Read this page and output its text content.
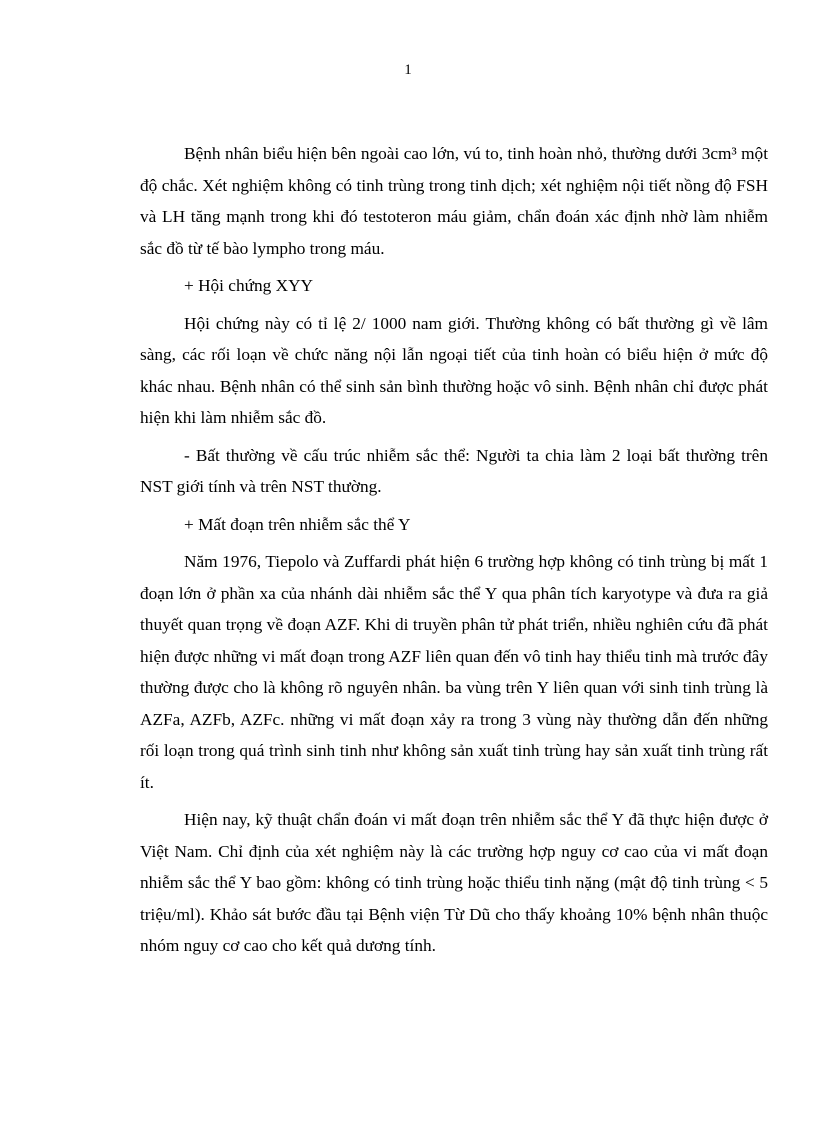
1

Bệnh nhân biểu hiện bên ngoài cao lớn, vú to, tinh hoàn nhỏ, thường dưới 3cm³ một độ chắc. Xét nghiệm không có tinh trùng trong tinh dịch; xét nghiệm nội tiết nồng độ FSH và LH tăng mạnh trong khi đó testoteron máu giảm, chẩn đoán xác định nhờ làm nhiễm sắc đồ từ tế bào lympho trong máu.

+ Hội chứng XYY

Hội chứng này có tỉ lệ 2/ 1000 nam giới. Thường không có bất thường gì về lâm sàng, các rối loạn về chức năng nội lẫn ngoại tiết của tinh hoàn có biểu hiện ở mức độ khác nhau. Bệnh nhân có thể sinh sản bình thường hoặc vô sinh. Bệnh nhân chỉ được phát hiện khi làm nhiễm sắc đồ.

- Bất thường về cấu trúc nhiễm sắc thể: Người ta chia làm 2 loại bất thường trên NST giới tính và trên NST thường.

+ Mất đoạn trên nhiễm sắc thể Y

Năm 1976, Tiepolo và Zuffardi phát hiện 6 trường hợp không có tinh trùng bị mất 1 đoạn lớn ở phần xa của nhánh dài nhiễm sắc thể Y qua phân tích karyotype và đưa ra giả thuyết quan trọng về đoạn AZF. Khi di truyền phân tử phát triển, nhiều nghiên cứu đã phát hiện được những vi mất đoạn trong AZF liên quan đến vô tinh hay thiểu tinh mà trước đây thường được cho là không rõ nguyên nhân. ba vùng trên Y liên quan với sinh tinh trùng là AZFa, AZFb, AZFc. những vi mất đoạn xảy ra trong 3 vùng này thường dẫn đến những rối loạn trong quá trình sinh tinh như không sản xuất tinh trùng hay sản xuất tinh trùng rất ít.

Hiện nay, kỹ thuật chẩn đoán vi mất đoạn trên nhiễm sắc thể Y đã thực hiện được ở Việt Nam. Chỉ định của xét nghiệm này là các trường hợp nguy cơ cao của vi mất đoạn nhiễm sắc thể Y bao gồm: không có tinh trùng hoặc thiểu tinh nặng (mật độ tinh trùng < 5 triệu/ml). Khảo sát bước đầu tại Bệnh viện Từ Dũ cho thấy khoảng 10% bệnh nhân thuộc nhóm nguy cơ cao cho kết quả dương tính.
